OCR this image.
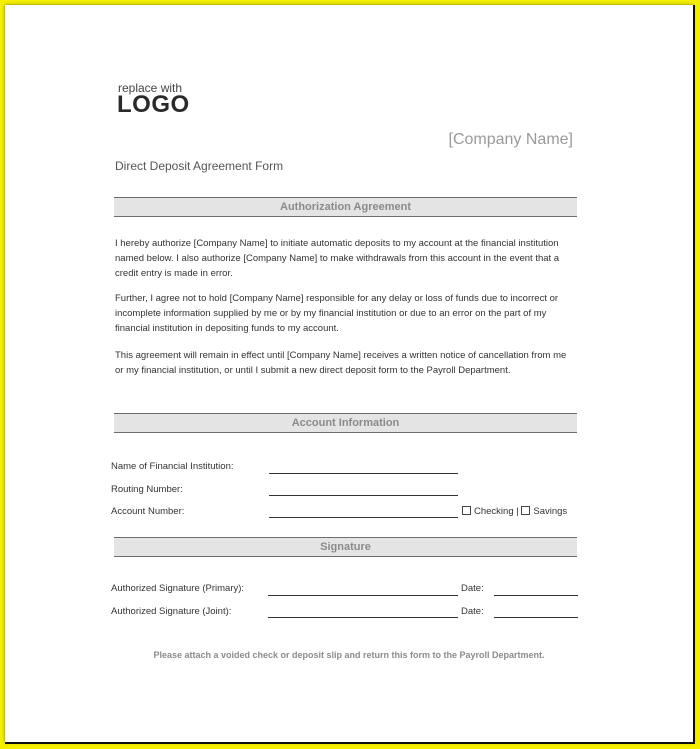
replace with
LOGO
[Company Name]
Direct Deposit Agreement Form
Authorization Agreement
I hereby authorize [Company Name] to initiate automatic deposits to my account at the financial institution named below. I also authorize [Company Name] to make withdrawals from this account in the event that a credit entry is made in error.
Further, I agree not to hold [Company Name] responsible for any delay or loss of funds due to incorrect or incomplete information supplied by me or by my financial institution or due to an error on the part of my financial institution in depositing funds to my account.
This agreement will remain in effect until [Company Name] receives a written notice of cancellation from me or my financial institution, or until I submit a new direct deposit form to the Payroll Department.
Account Information
Name of Financial Institution:
Routing Number:
Account Number:	Checking | Savings
Signature
Authorized Signature (Primary):	Date:
Authorized Signature (Joint):	Date:
Please attach a voided check or deposit slip and return this form to the Payroll Department.
